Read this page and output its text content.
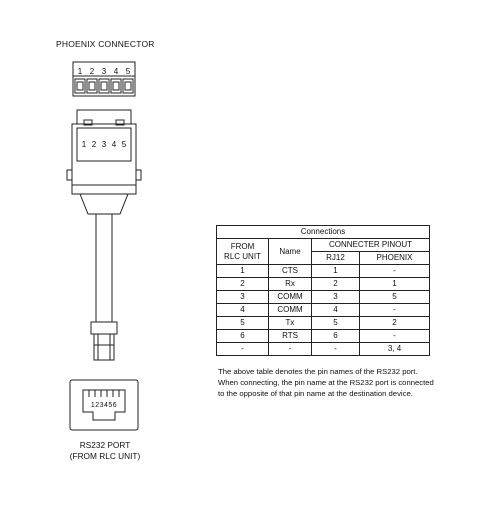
PHOENIX CONNECTOR
1 2 3 4 5
1 2 3 4 5
123456
RS232 PORT
(FROM RLC UNIT)
Connections			
FROM
RLC UNIT	Name	CONNECTER PINOUT	
		RJ12	PHOENIX
1	CTS	1	-
2	Rx	2	1
3	COMM	3	5
4	COMM	4	-
5	Tx	5	2
6	RTS	6	-
-	-	-	3, 4

The above table denotes the pin names of the RS232 port.

When connecting, the pin name at the RS232 port is connected

to the opposite of that pin name at the destination device.
